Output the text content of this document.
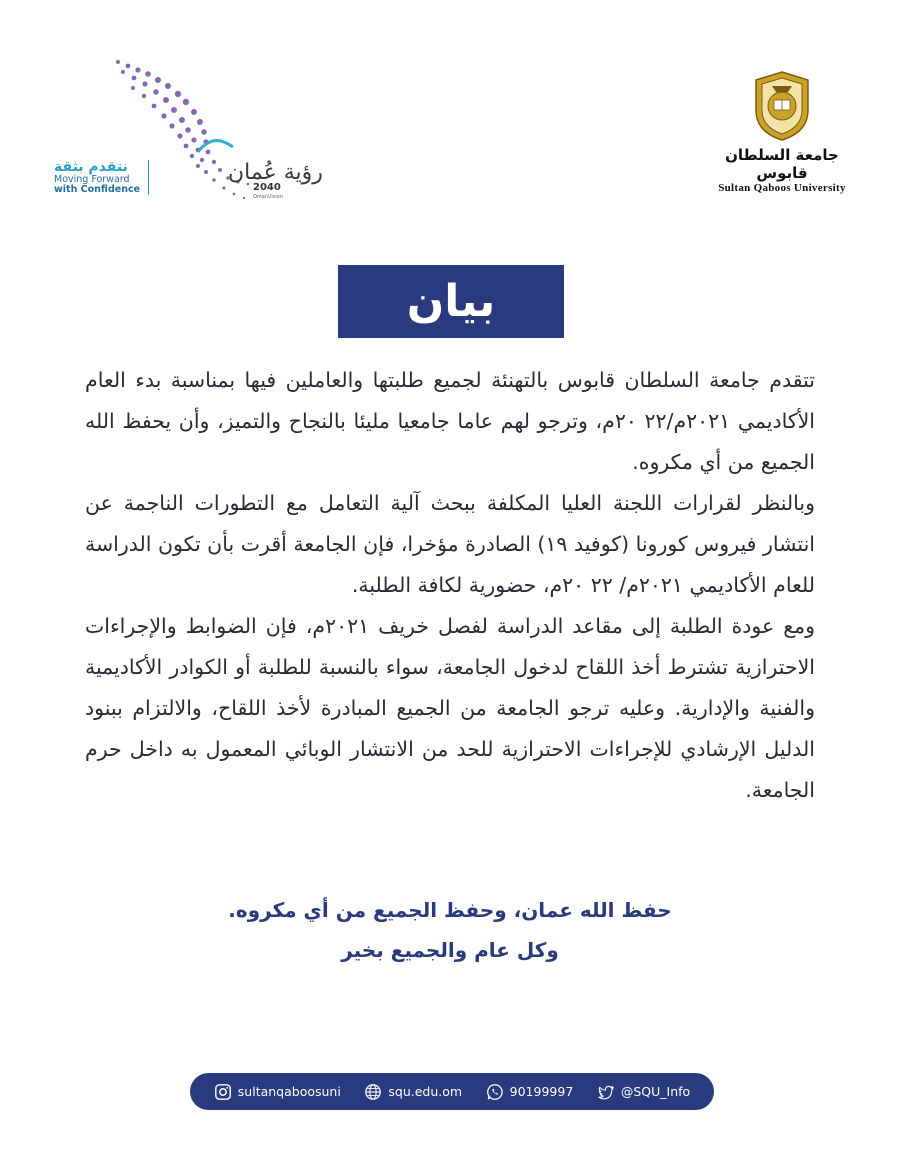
نتقدم بثقة
Moving Forward
with Confidence
رؤية عُمان
2040
OmanVision
جامعة السلطان قابوس
Sultan Qaboos University
بيان

تتقدم جامعة السلطان قابوس بالتهنئة لجميع طلبتها والعاملين فيها بمناسبة بدء العام الأكاديمي ٢٠٢١م/٢٢ ٢٠م، وترجو لهم عاما جامعيا مليئا بالنجاح والتميز، وأن يحفظ الله الجميع من أي مكروه.

وبالنظر لقرارات اللجنة العليا المكلفة ببحث آلية التعامل مع التطورات الناجمة عن انتشار فيروس كورونا (كوفيد ١٩) الصادرة مؤخرا، فإن الجامعة أقرت بأن تكون الدراسة للعام الأكاديمي ٢٠٢١م/ ٢٢ ٢٠م، حضورية لكافة الطلبة.

ومع عودة الطلبة إلى مقاعد الدراسة لفصل خريف ٢٠٢١م، فإن الضوابط والإجراءات الاحترازية تشترط أخذ اللقاح لدخول الجامعة، سواء بالنسبة للطلبة أو الكوادر الأكاديمية والفنية والإدارية. وعليه ترجو الجامعة من الجميع المبادرة لأخذ اللقاح، والالتزام ببنود الدليل الإرشادي للإجراءات الاحترازية للحد من الانتشار الوبائي المعمول به داخل حرم الجامعة.

حفظ الله عمان، وحفظ الجميع من أي مكروه.
وكل عام والجميع بخير
sultanqaboosuni	squ.edu.om	90199997	@SQU_Info
